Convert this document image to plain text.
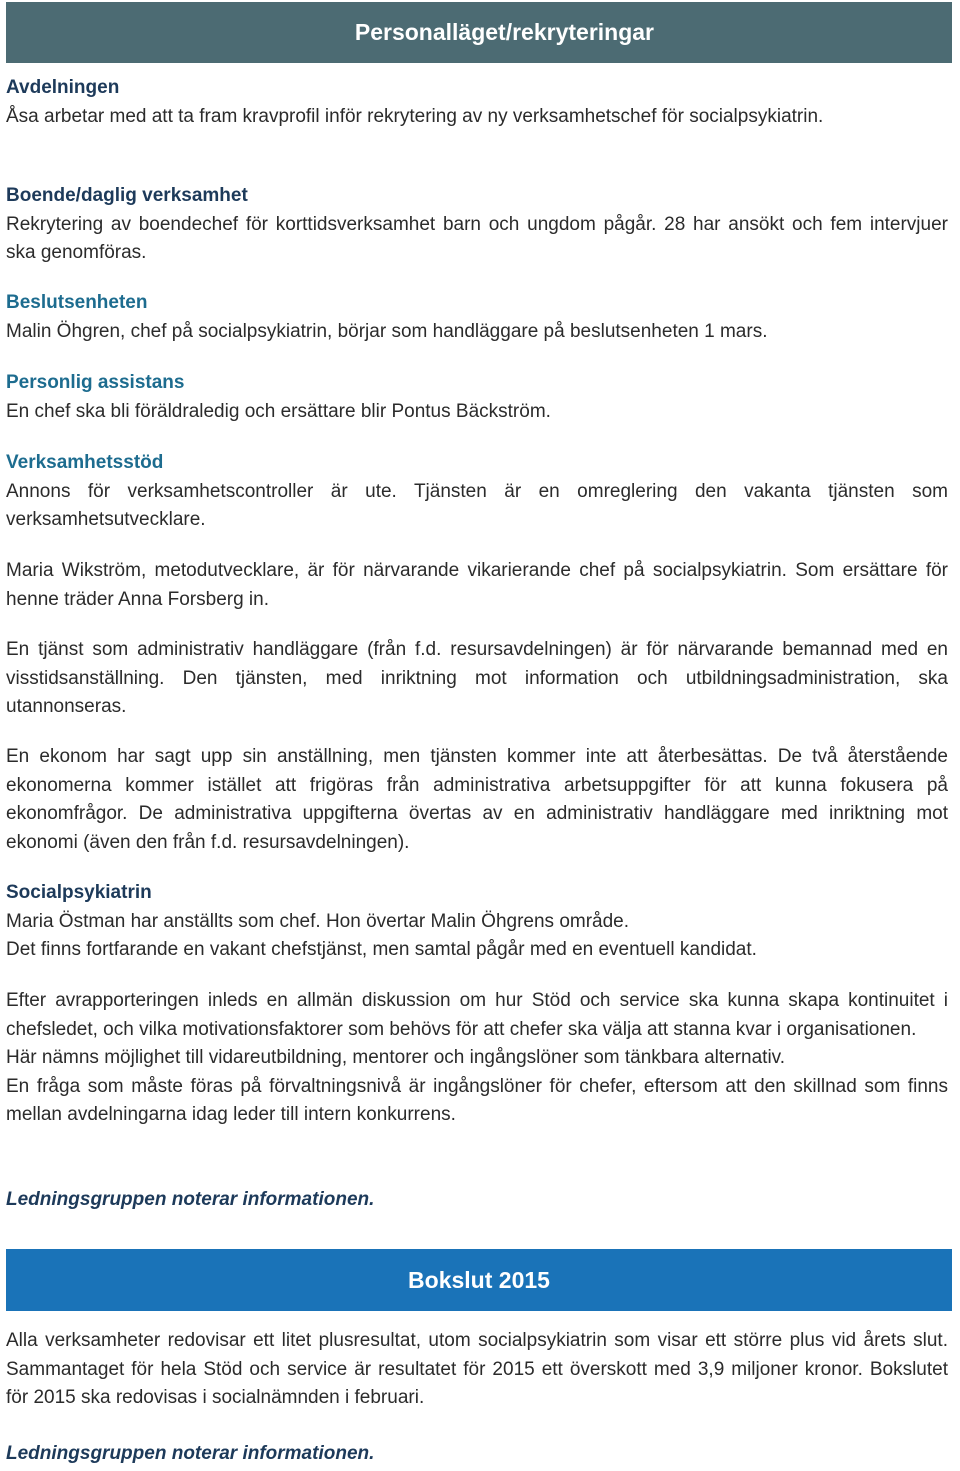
Personalläget/rekryteringar
Avdelningen

Åsa arbetar med att ta fram kravprofil inför rekrytering av ny verksamhetschef för socialpsykiatrin.

Boende/daglig verksamhet

Rekrytering av boendechef för korttidsverksamhet barn och ungdom pågår. 28 har ansökt och fem intervjuer ska genomföras.

Beslutsenheten

Malin Öhgren, chef på socialpsykiatrin, börjar som handläggare på beslutsenheten 1 mars.

Personlig assistans

En chef ska bli föräldraledig och ersättare blir Pontus Bäckström.

Verksamhetsstöd

Annons för verksamhetscontroller är ute. Tjänsten är en omreglering den vakanta tjänsten som verksamhetsutvecklare.

Maria Wikström, metodutvecklare, är för närvarande vikarierande chef på socialpsykiatrin. Som ersättare för henne träder Anna Forsberg in.

En tjänst som administrativ handläggare (från f.d. resursavdelningen) är för närvarande bemannad med en visstidsanställning. Den tjänsten, med inriktning mot information och utbildningsadministration, ska utannonseras.

En ekonom har sagt upp sin anställning, men tjänsten kommer inte att återbesättas. De två återstående ekonomerna kommer istället att frigöras från administrativa arbetsuppgifter för att kunna fokusera på ekonomfrågor. De administrativa uppgifterna övertas av en administrativ handläggare med inriktning mot ekonomi (även den från f.d. resursavdelningen).

Socialpsykiatrin

Maria Östman har anställts som chef. Hon övertar Malin Öhgrens område.

Det finns fortfarande en vakant chefstjänst, men samtal pågår med en eventuell kandidat.

Efter avrapporteringen inleds en allmän diskussion om hur Stöd och service ska kunna skapa kontinuitet i chefsledet, och vilka motivationsfaktorer som behövs för att chefer ska välja att stanna kvar i organisationen.

Här nämns möjlighet till vidareutbildning, mentorer och ingångslöner som tänkbara alternativ.

En fråga som måste föras på förvaltningsnivå är ingångslöner för chefer, eftersom att den skillnad som finns mellan avdelningarna idag leder till intern konkurrens.

Ledningsgruppen noterar informationen.

Bokslut 2015

Alla verksamheter redovisar ett litet plusresultat, utom socialpsykiatrin som visar ett större plus vid årets slut. Sammantaget för hela Stöd och service är resultatet för 2015 ett överskott med 3,9 miljoner kronor. Bokslutet för 2015 ska redovisas i socialnämnden i februari.

Ledningsgruppen noterar informationen.
